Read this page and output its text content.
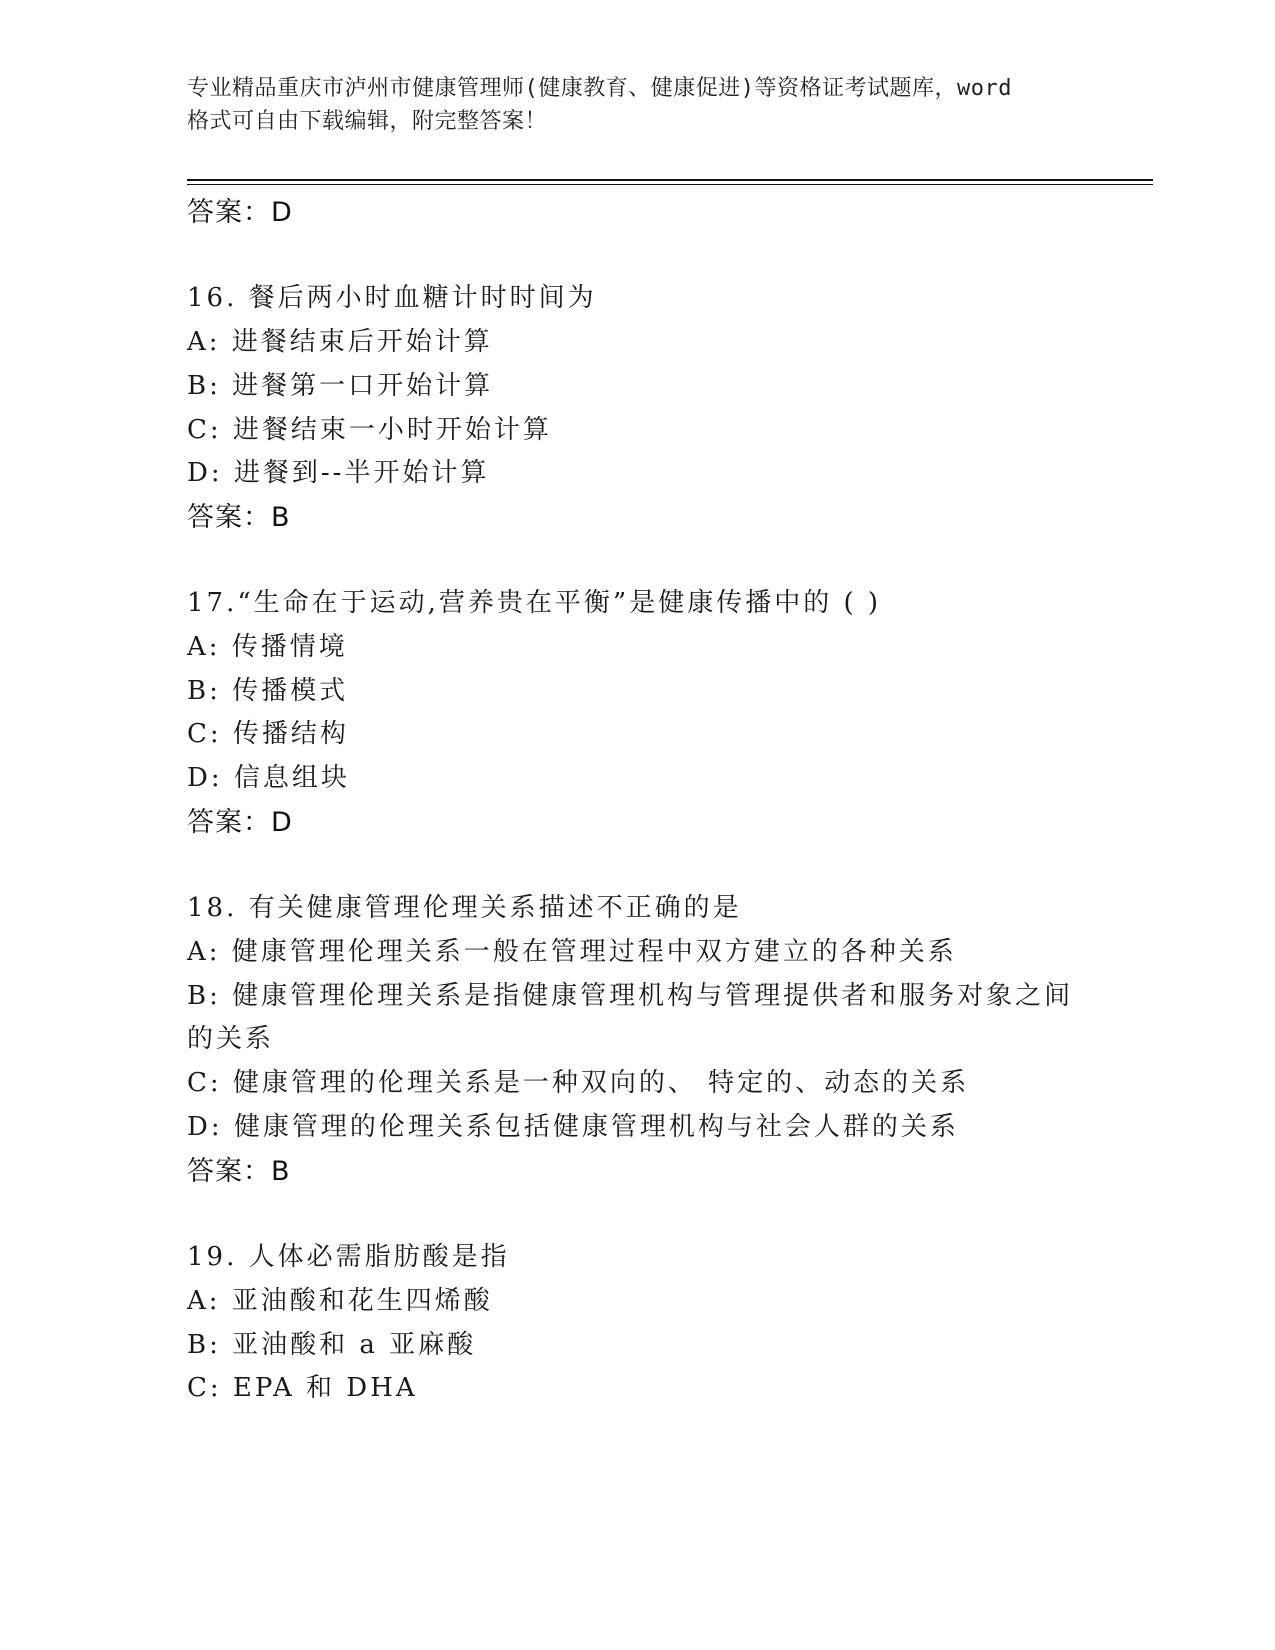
专业精品重庆市泸州市健康管理师(健康教育、健康促进)等资格证考试题库，word
格式可自由下载编辑，附完整答案！
答案：D
16. 餐后两小时血糖计时时间为
A: 进餐结束后开始计算
B: 进餐第一口开始计算
C: 进餐结束一小时开始计算
D: 进餐到--半开始计算
答案：B
17.“生命在于运动,营养贵在平衡”是健康传播中的 ( )
A: 传播情境
B: 传播模式
C: 传播结构
D: 信息组块
答案：D
18. 有关健康管理伦理关系描述不正确的是
A: 健康管理伦理关系一般在管理过程中双方建立的各种关系
B: 健康管理伦理关系是指健康管理机构与管理提供者和服务对象之间
的关系
C: 健康管理的伦理关系是一种双向的、 特定的、动态的关系
D: 健康管理的伦理关系包括健康管理机构与社会人群的关系
答案：B
19. 人体必需脂肪酸是指
A: 亚油酸和花生四烯酸
B: 亚油酸和 a 亚麻酸
C: EPA 和 DHA
